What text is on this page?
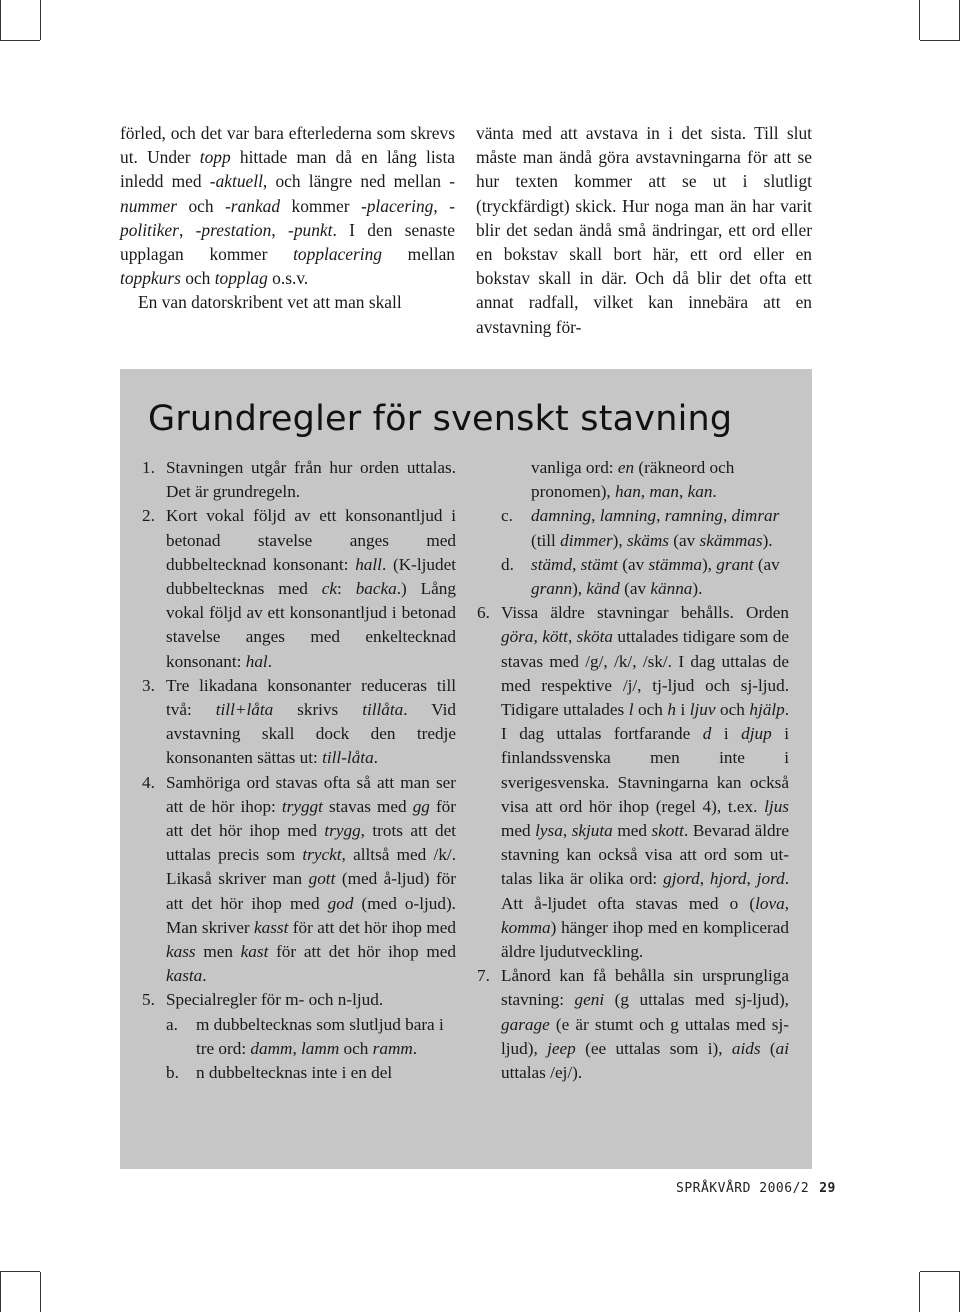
förled, och det var bara efterlederna som skrevs ut. Under topp hittade man då en lång lista inledd med -aktuell, och längre ned mellan -nummer och -rankad kommer -placering, -politiker, -prestation, -punkt. I den senaste upplagan kommer topplacering mellan toppkurs och topplag o.s.v.

En van datorskribent vet att man skall

vänta med att avstava in i det sista. Till slut måste man ändå göra avstavningarna för att se hur texten kommer att se ut i slutligt (tryckfärdigt) skick. Hur noga man än har varit blir det sedan ändå små ändringar, ett ord eller en bokstav skall bort här, ett ord eller en bokstav skall in där. Och då blir det ofta ett annat radfall, vilket kan innebära att en avstavning för-

Grundregler för svenskt stavning
1. Stavningen utgår från hur orden uttalas. Det är grundregeln.
2. Kort vokal följd av ett konsonantljud i betonad stavelse anges med dubbeltecknad konsonant: hall. (K-ljudet dubbeltecknas med ck: backa.) Lång vokal följd av ett konsonantljud i betonad stavelse anges med enkeltecknad konsonant: hal.
3. Tre likadana konsonanter reduceras till två: till+låta skrivs tillåta. Vid avstavning skall dock den tredje konsonanten sättas ut: till-låta.
4. Samhöriga ord stavas ofta så att man ser att de hör ihop: tryggt stavas med gg för att det hör ihop med trygg, trots att det uttalas precis som tryckt, alltså med /k/. Likaså skriver man gott (med å-ljud) för att det hör ihop med god (med o-ljud). Man skriver kasst för att det hör ihop med kass men kast för att det hör ihop med kasta.
5. Specialregler för m- och n-ljud.
a.	m dubbeltecknas som slutljud bara i tre ord: damm, lamm och ramm.
b. n dubbeltecknas inte i en del
vanliga ord: en (räkneord och pronomen), han, man, kan.
c.	damning, lamning, ramning, dimrar (till dimmer), skäms (av skämmas).
d. stämd, stämt (av stämma), grant (av grann), känd (av känna).
6. Vissa äldre stavningar behålls. Orden göra, kött, sköta uttalades tidigare som de stavas med /g/, /k/, /sk/. I dag uttalas de med respektive /j/, tj-ljud och sj-ljud. Tidigare uttalades l och h i ljuv och hjälp. I dag uttalas fortfarande d i djup i finlandssvenska men inte i sverigesvenska. Stavningarna kan också visa att ord hör ihop (regel 4), t.ex. ljus med lysa, skjuta med skott. Bevarad äldre stavning kan också visa att ord som uttalas lika är olika ord: gjord, hjord, jord. Att å-ljudet ofta stavas med o (lova, komma) hänger ihop med en komplicerad äldre ljudutveckling.
7. Lånord kan få behålla sin ursprungliga stavning: geni (g uttalas med sj-ljud), garage (e är stumt och g uttalas med sj-ljud), jeep (ee uttalas som i), aids (ai uttalas /ej/).
SPRÅKVÅRD 2006/2 29
